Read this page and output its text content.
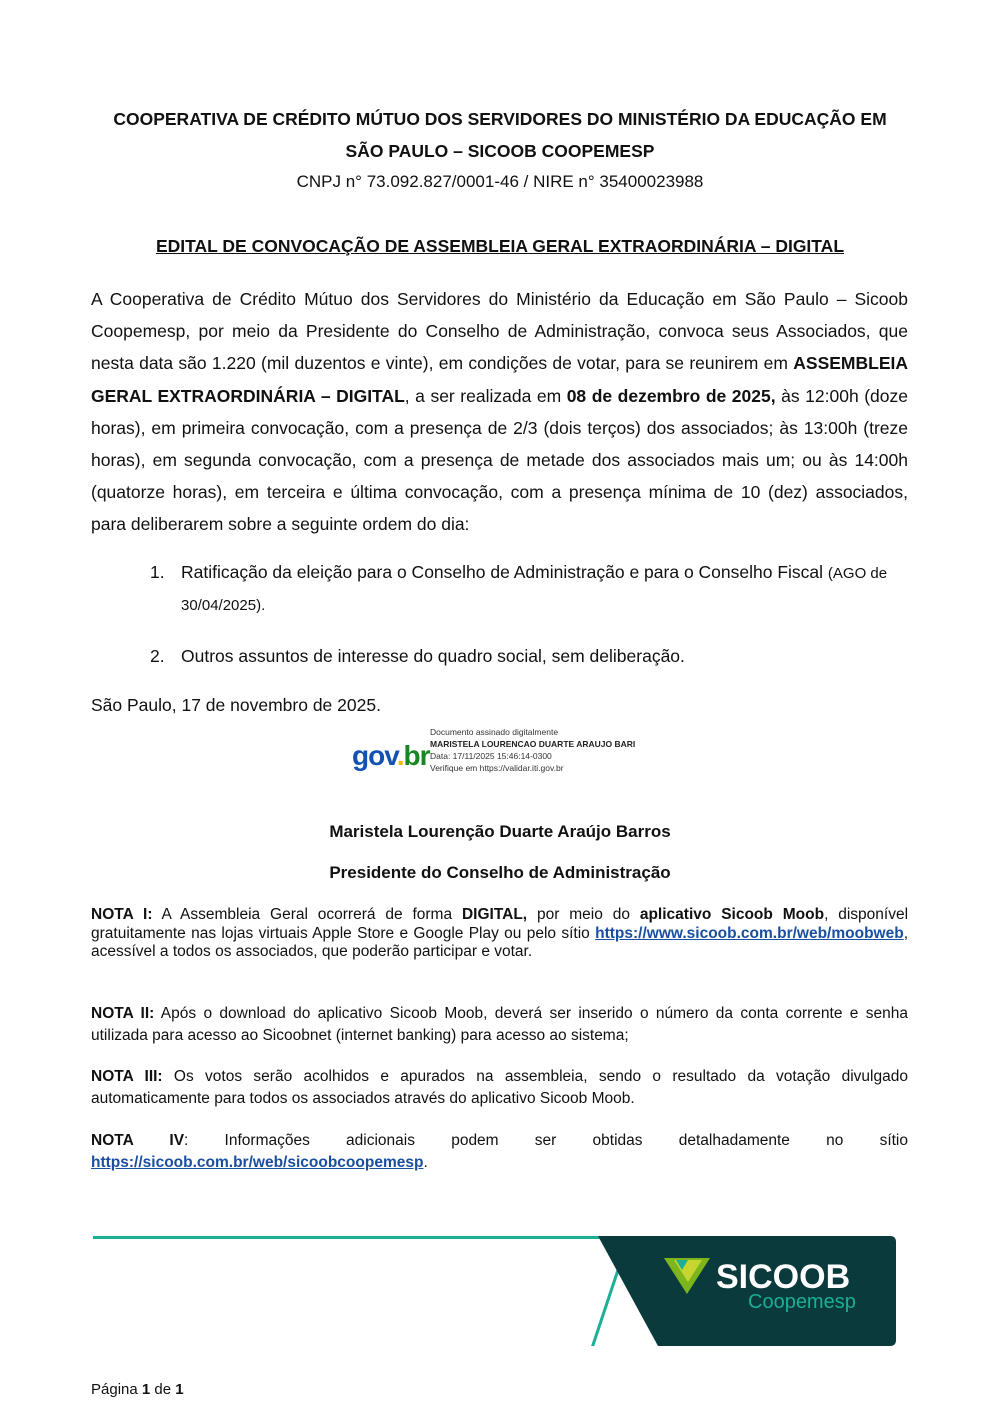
COOPERATIVA DE CRÉDITO MÚTUO DOS SERVIDORES DO MINISTÉRIO DA EDUCAÇÃO EM
SÃO PAULO – SICOOB COOPEMESP
CNPJ n° 73.092.827/0001-46 / NIRE n° 35400023988
EDITAL DE CONVOCAÇÃO DE ASSEMBLEIA GERAL EXTRAORDINÁRIA – DIGITAL
A Cooperativa de Crédito Mútuo dos Servidores do Ministério da Educação em São Paulo – Sicoob Coopemesp, por meio da Presidente do Conselho de Administração, convoca seus Associados, que nesta data são 1.220 (mil duzentos e vinte), em condições de votar, para se reunirem em ASSEMBLEIA GERAL EXTRAORDINÁRIA – DIGITAL, a ser realizada em 08 de dezembro de 2025, às 12:00h (doze horas), em primeira convocação, com a presença de 2/3 (dois terços) dos associados; às 13:00h (treze horas), em segunda convocação, com a presença de metade dos associados mais um; ou às 14:00h (quatorze horas), em terceira e última convocação, com a presença mínima de 10 (dez) associados, para deliberarem sobre a seguinte ordem do dia:
1. Ratificação da eleição para o Conselho de Administração e para o Conselho Fiscal (AGO de 30/04/2025).
2. Outros assuntos de interesse do quadro social, sem deliberação.
São Paulo, 17 de novembro de 2025.
gov.br
Documento assinado digitalmente
MARISTELA LOURENCAO DUARTE ARAUJO BARI
Data: 17/11/2025 15:46:14-0300
Verifique em https://validar.iti.gov.br
Maristela Lourenção Duarte Araújo Barros
Presidente do Conselho de Administração
NOTA I: A Assembleia Geral ocorrerá de forma DIGITAL, por meio do aplicativo Sicoob Moob, disponível gratuitamente nas lojas virtuais Apple Store e Google Play ou pelo sítio https://www.sicoob.com.br/web/moobweb, acessível a todos os associados, que poderão participar e votar.
NOTA II: Após o download do aplicativo Sicoob Moob, deverá ser inserido o número da conta corrente e senha utilizada para acesso ao Sicoobnet (internet banking) para acesso ao sistema;
NOTA III: Os votos serão acolhidos e apurados na assembleia, sendo o resultado da votação divulgado automaticamente para todos os associados através do aplicativo Sicoob Moob.
NOTA IV: Informações adicionais podem ser obtidas detalhadamente no sítio https://sicoob.com.br/web/sicoobcoopemesp.
SICOOB
Coopemesp
Página 1 de 1
